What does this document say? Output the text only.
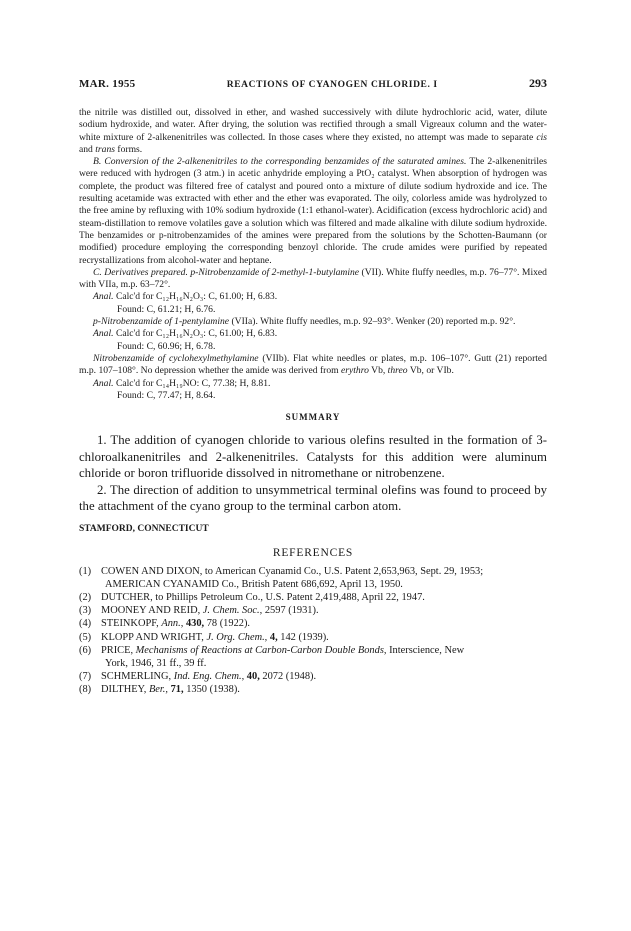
MAR. 1955	REACTIONS OF CYANOGEN CHLORIDE. I	293

the nitrile was distilled out, dissolved in ether, and washed successively with dilute hydrochloric acid, water, dilute sodium hydroxide, and water. After drying, the solution was rectified through a small Vigreaux column and the water-white mixture of 2-alkenenitriles was collected. In those cases where they existed, no attempt was made to separate cis and trans forms.

B. Conversion of the 2-alkenenitriles to the corresponding benzamides of the saturated amines. The 2-alkenenitriles were reduced with hydrogen (3 atm.) in acetic anhydride employing a PtO₂ catalyst. When absorption of hydrogen was complete, the product was filtered free of catalyst and poured onto a mixture of dilute sodium hydroxide and ice. The resulting acetamide was extracted with ether and the ether was evaporated. The oily, colorless amide was hydrolyzed to the free amine by refluxing with 10% sodium hydroxide (1:1 ethanol-water). Acidification (excess hydrochloric acid) and steam-distillation to remove volatiles gave a solution which was filtered and made alkaline with dilute sodium hydroxide. The benzamides or p-nitrobenzamides of the amines were prepared from the solutions by the Schotten-Baumann (or modified) procedure employing the corresponding benzoyl chloride. The crude amides were purified by repeated recrystallizations from alcohol-water and heptane.

C. Derivatives prepared. p-Nitrobenzamide of 2-methyl-1-butylamine (VII). White fluffy needles, m.p. 76–77°. Mixed with VIIa, m.p. 63–72°.

Anal. Calc'd for C₁₂H₁₆N₂O₃: C, 61.00; H, 6.83.

Found: C, 61.21; H, 6.76.

p-Nitrobenzamide of 1-pentylamine (VIIa). White fluffy needles, m.p. 92–93°. Wenker (20) reported m.p. 92°.

Anal. Calc'd for C₁₂H₁₆N₂O₃: C, 61.00; H, 6.83.

Found: C, 60.96; H, 6.78.

Nitrobenzamide of cyclohexylmethylamine (VIIb). Flat white needles or plates, m.p. 106–107°. Gutt (21) reported m.p. 107–108°. No depression whether the amide was derived from erythro Vb, threo Vb, or VIb.

Anal. Calc'd for C₁₄H₁₉NO: C, 77.38; H, 8.81.

Found: C, 77.47; H, 8.64.

SUMMARY

1. The addition of cyanogen chloride to various olefins resulted in the formation of 3-chloroalkanenitriles and 2-alkenenitriles. Catalysts for this addition were aluminum chloride or boron trifluoride dissolved in nitromethane or nitrobenzene.

2. The direction of addition to unsymmetrical terminal olefins was found to proceed by the attachment of the cyano group to the terminal carbon atom.

STAMFORD, CONNECTICUT
REFERENCES
(1) COWEN AND DIXON, to American Cyanamid Co., U.S. Patent 2,653,963, Sept. 29, 1953;
AMERICAN CYANAMID Co., British Patent 686,692, April 13, 1950.
(2) DUTCHER, to Phillips Petroleum Co., U.S. Patent 2,419,488, April 22, 1947.
(3) MOONEY AND REID, J. Chem. Soc., 2597 (1931).
(4) STEINKOPF, Ann., 430, 78 (1922).
(5) KLOPP AND WRIGHT, J. Org. Chem., 4, 142 (1939).
(6) PRICE, Mechanisms of Reactions at Carbon-Carbon Double Bonds, Interscience, New
York, 1946, 31 ff., 39 ff.
(7) SCHMERLING, Ind. Eng. Chem., 40, 2072 (1948).
(8) DILTHEY, Ber., 71, 1350 (1938).
